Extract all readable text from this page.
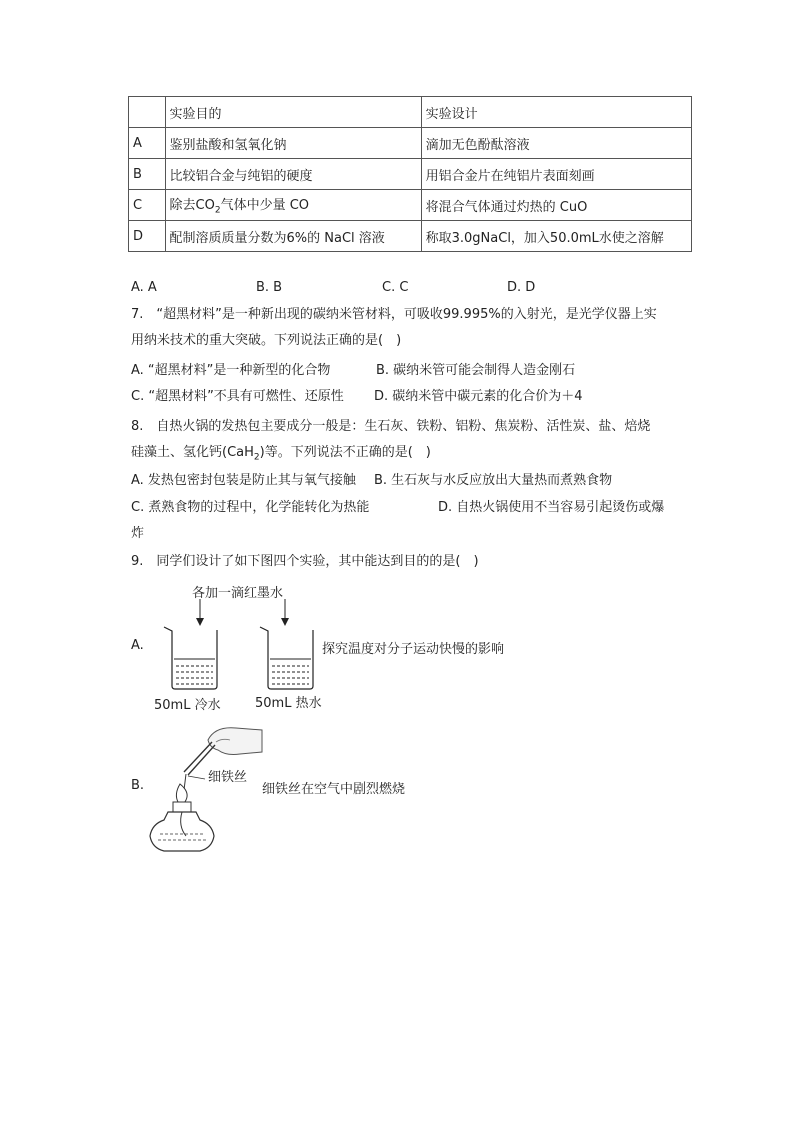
	实验目的	实验设计
A	鉴别盐酸和氢氧化钠	滴加无色酚酞溶液
B	比较铝合金与纯铝的硬度	用铝合金片在纯铝片表面刻画
C	除去$CO_2$气体中少量 CO	将混合气体通过灼热的 CuO
D	配制溶质质量分数为6%的 NaCl 溶液	称取3.0gNaCl，加入50.0mL水使之溶解
A. A	B. B	C. C	D. D
7.　“超黑材料”是一种新出现的碳纳米管材料，可吸收99.995%的入射光，是光学仪器上实
用纳米技术的重大突破。下列说法正确的是(　)
A. “超黑材料”是一种新型的化合物	B. 碳纳米管可能会制得人造金刚石
C. “超黑材料”不具有可燃性、还原性 D. 碳纳米管中碳元素的化合价为＋4
8.　自热火锅的发热包主要成分一般是：生石灰、铁粉、铝粉、焦炭粉、活性炭、盐、焙烧
硅藻土、氢化钙(CaH$_2$)等。下列说法不正确的是(　)
A. 发热包密封包装是防止其与氧气接触 B. 生石灰与水反应放出大量热而煮熟食物
C. 煮熟食物的过程中，化学能转化为热能	D. 自热火锅使用不当容易引起烫伤或爆
炸
9.　同学们设计了如下图四个实验，其中能达到目的的是(　)
各加一滴红墨水
A.	探究温度对分子运动快慢的影响
50mL 冷水	50mL 热水
B.
细铁丝
细铁丝在空气中剧烈燃烧
